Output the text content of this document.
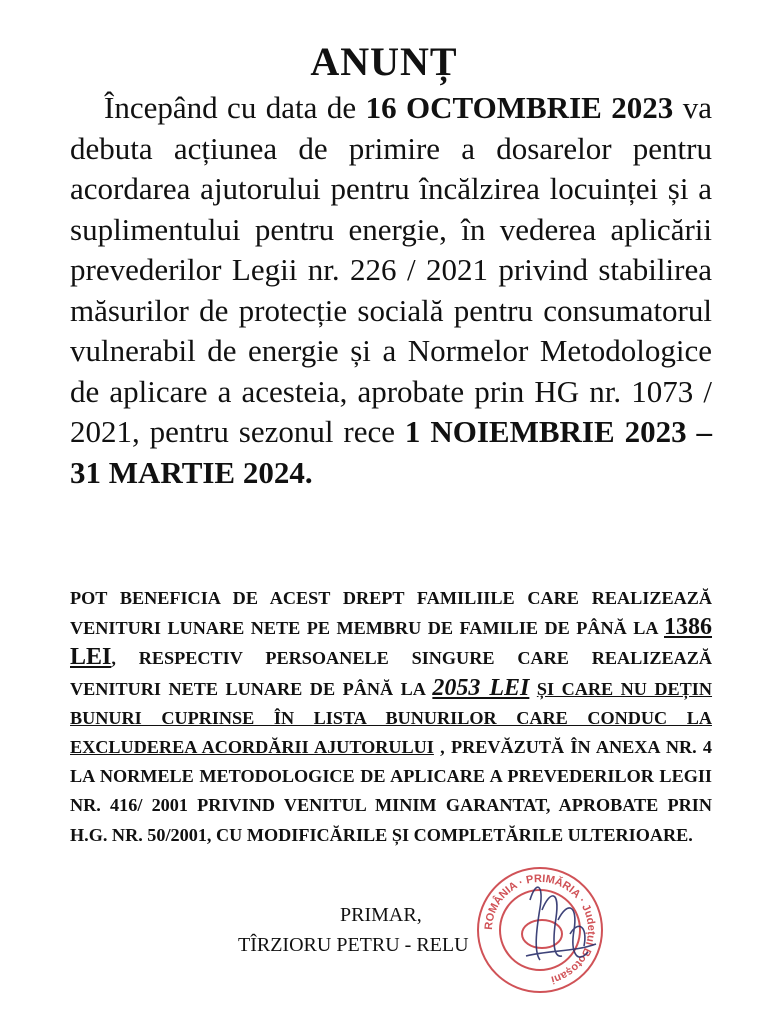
ANUNȚ
Începând cu data de 16 OCTOMBRIE 2023 va debuta acțiunea de primire a dosarelor pentru acordarea ajutorului pentru încălzirea locuinței și a suplimentului pentru energie, în vederea aplicării prevederilor Legii nr. 226 / 2021 privind stabilirea măsurilor de protecție socială pentru consumatorul vulnerabil de energie și a Normelor Metodologice de aplicare a acesteia, aprobate prin HG nr. 1073 / 2021, pentru sezonul rece 1 NOIEMBRIE 2023 – 31 MARTIE 2024.
POT BENEFICIA DE ACEST DREPT FAMILIILE CARE REALIZEAZĂ VENITURI LUNARE NETE PE MEMBRU DE FAMILIE DE PÂNĂ LA 1386 LEI, RESPECTIV PERSOANELE SINGURE CARE REALIZEAZĂ VENITURI NETE LUNARE DE PÂNĂ LA 2053 LEI ȘI CARE NU DEȚIN BUNURI CUPRINSE ÎN LISTA BUNURILOR CARE CONDUC LA EXCLUDEREA ACORDĂRII AJUTORULUI , PREVĂZUTĂ ÎN ANEXA NR. 4 LA NORMELE METODOLOGICE DE APLICARE A PREVEDERILOR LEGII NR. 416/ 2001 PRIVIND VENITUL MINIM GARANTAT, APROBATE PRIN H.G. NR. 50/2001, CU MODIFICĂRILE ȘI COMPLETĂRILE ULTERIOARE.
PRIMAR,
TÎRZIORU PETRU - RELU
ROMÂNIA · PRIMĂRIA · Județul Botoșani
